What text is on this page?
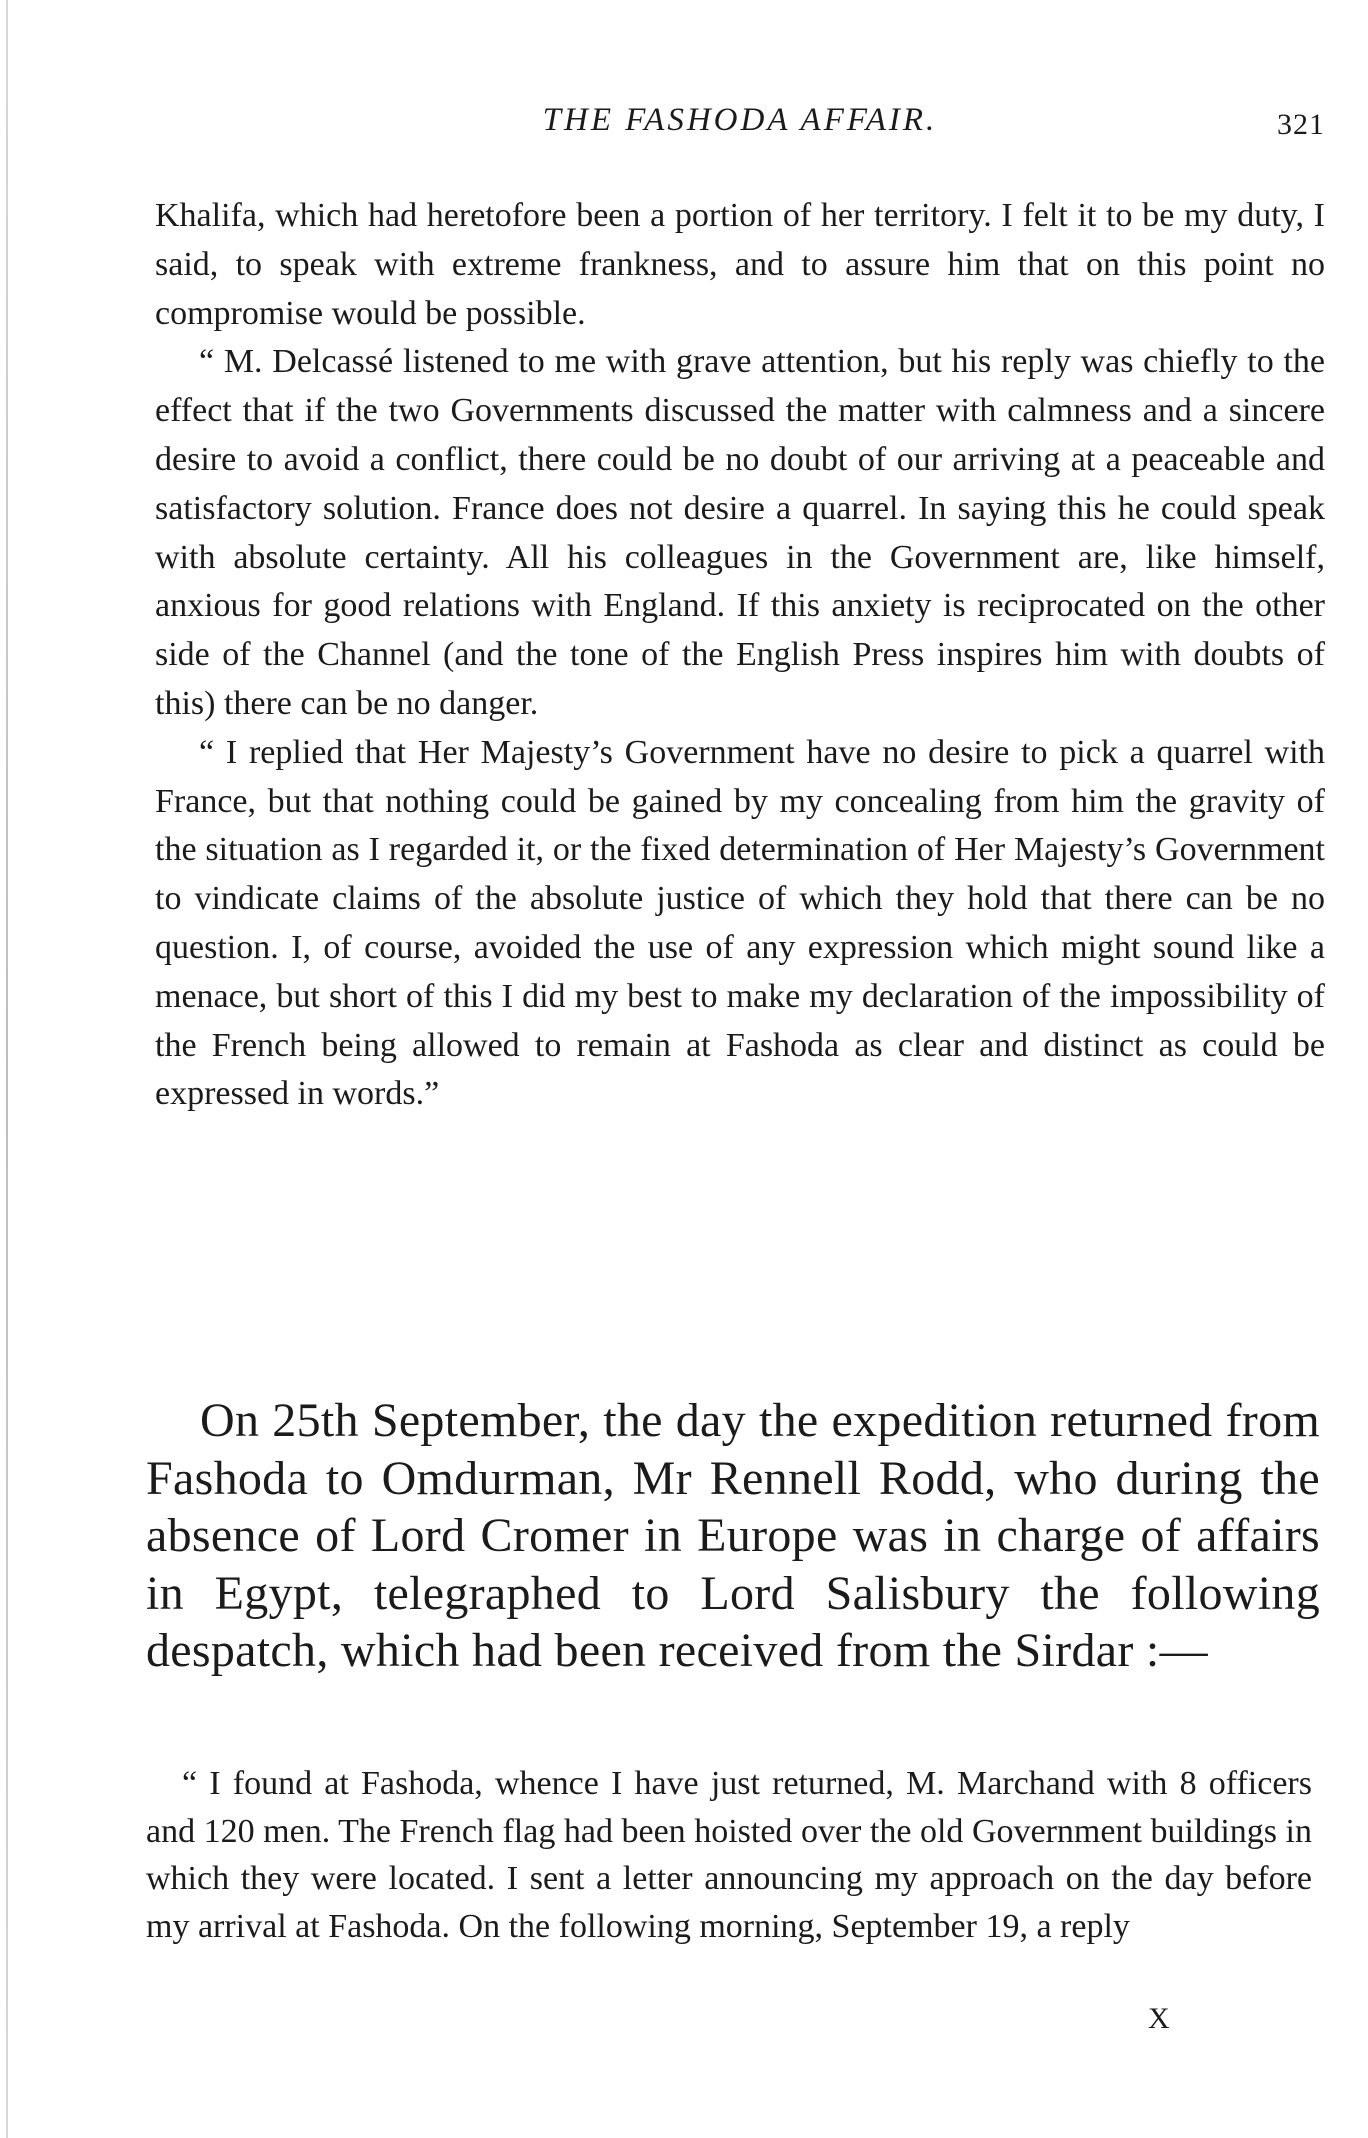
THE FASHODA AFFAIR.	321

Khalifa, which had heretofore been a portion of her territory. I felt it to be my duty, I said, to speak with extreme frankness, and to assure him that on this point no compromise would be possible.

“ M. Delcassé listened to me with grave attention, but his reply was chiefly to the effect that if the two Governments discussed the matter with calmness and a sincere desire to avoid a conflict, there could be no doubt of our arriving at a peaceable and satisfactory solution. France does not desire a quarrel. In saying this he could speak with absolute certainty. All his colleagues in the Government are, like himself, anxious for good relations with England. If this anxiety is reciprocated on the other side of the Channel (and the tone of the English Press inspires him with doubts of this) there can be no danger.

“ I replied that Her Majesty’s Government have no desire to pick a quarrel with France, but that nothing could be gained by my concealing from him the gravity of the situation as I regarded it, or the fixed determination of Her Majesty’s Government to vindicate claims of the absolute justice of which they hold that there can be no question. I, of course, avoided the use of any expression which might sound like a menace, but short of this I did my best to make my declaration of the impossibility of the French being allowed to remain at Fashoda as clear and distinct as could be expressed in words.”

On 25th September, the day the expedition returned from Fashoda to Omdurman, Mr Rennell Rodd, who during the absence of Lord Cromer in Europe was in charge of affairs in Egypt, telegraphed to Lord Salisbury the following despatch, which had been received from the Sirdar :—

“ I found at Fashoda, whence I have just returned, M. Marchand with 8 officers and 120 men. The French flag had been hoisted over the old Government buildings in which they were located. I sent a letter announcing my approach on the day before my arrival at Fashoda. On the following morning, September 19, a reply

X
